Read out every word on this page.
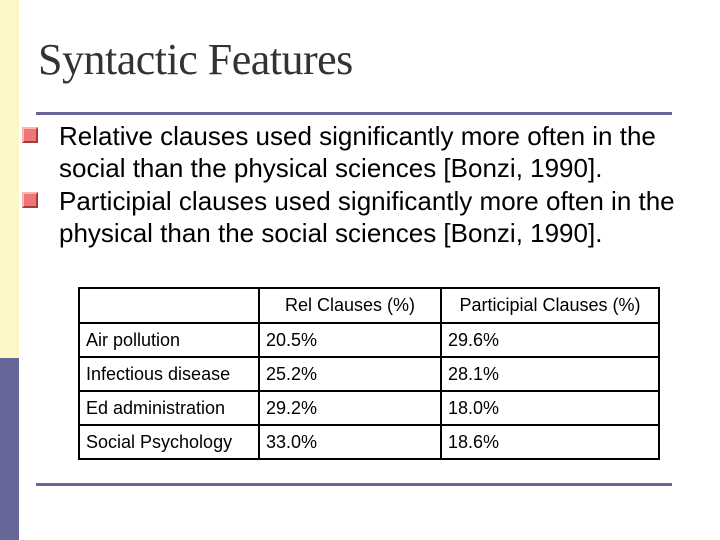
Syntactic Features
Relative clauses used significantly more often in the social than the physical sciences [Bonzi, 1990].
Participial clauses used significantly more often in the physical than the social sciences [Bonzi, 1990].
	Rel Clauses (%)	Participial Clauses (%)
Air pollution	20.5%	29.6%
Infectious disease	25.2%	28.1%
Ed administration	29.2%	18.0%
Social Psychology	33.0%	18.6%
